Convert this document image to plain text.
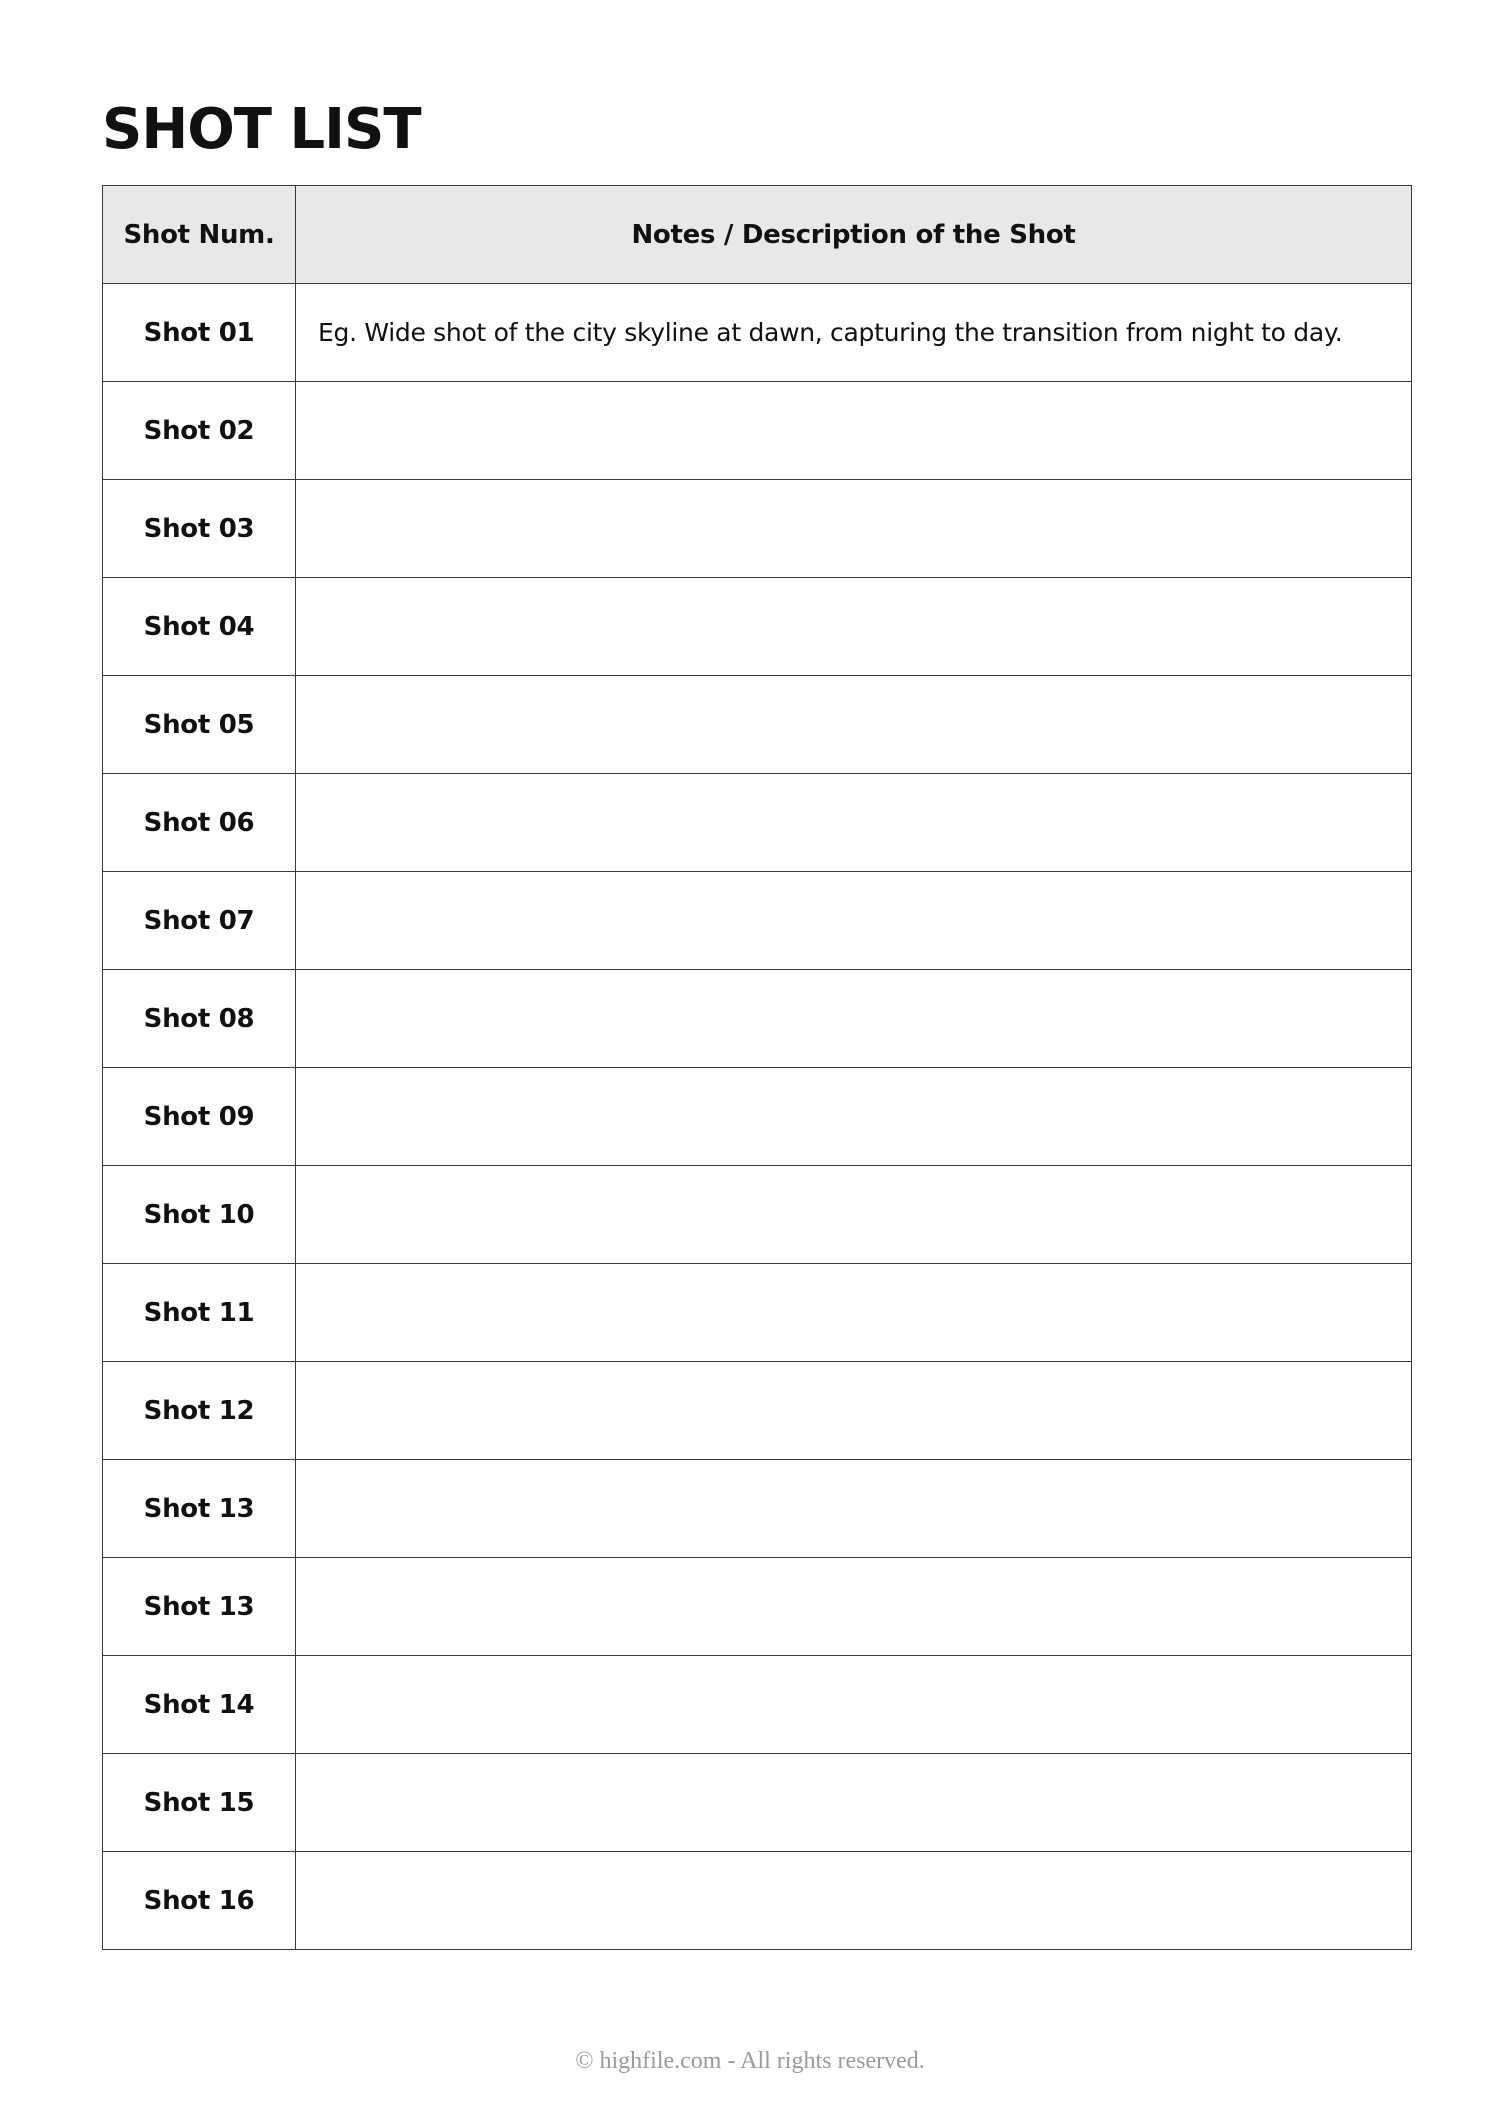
SHOT LIST
Shot Num.	Notes / Description of the Shot
Shot 01	Eg. Wide shot of the city skyline at dawn, capturing the transition from night to day.
Shot 02	
Shot 03	
Shot 04	
Shot 05	
Shot 06	
Shot 07	
Shot 08	
Shot 09	
Shot 10	
Shot 11	
Shot 12	
Shot 13	
Shot 13	
Shot 14	
Shot 15	
Shot 16	
© highfile.com - All rights reserved.
